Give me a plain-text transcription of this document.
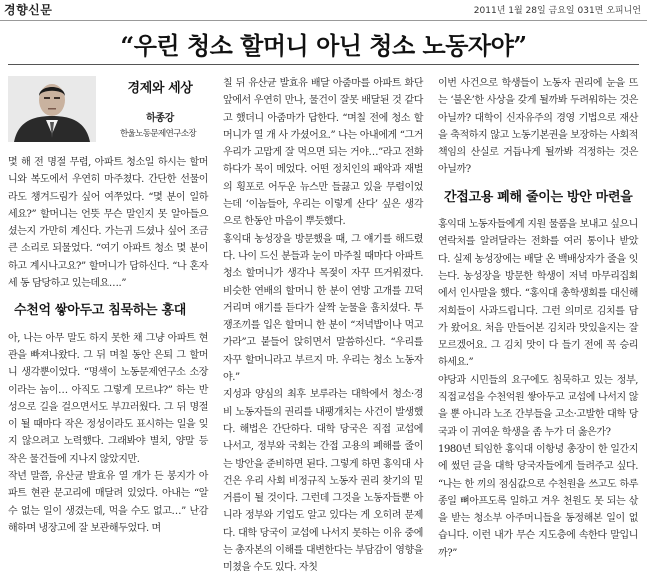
경향신문	2011년 1월 28일 금요일 031면 오피니언
“우린 청소 할머니 아닌 청소 노동자야”
경제와 세상
하종강
한울노동문제연구소장

몇 해 전 명절 무렵, 아파트 청소일 하시는 할머니와 복도에서 우연히 마주쳤다. 간단한 선물이라도 챙겨드림가 싶어 여쭈었다. “몇 분이 일하세요?” 할머니는 언뜻 무슨 말인지 못 알아들으셨는지 가만히 계신다. 가는귀 드셨나 싶어 조금 큰 소리로 되물었다. “여기 아파트 청소 몇 분이 하고 계시나고요?” 할머니가 답하신다. “나 혼자 세 동 담당하고 있는데요….”

수천억 쌓아두고 침묵하는 홍대

아, 나는 아무 말도 하지 못한 채 그냥 아파트 현관을 빠져나왔다. 그 뒤 며칠 동안 은퇴 그 할머니 생각뿐이었다. “명색이 노동문제연구소 소장이라는 놈이… 아직도 그렇게 모르냐?” 하는 반성으로 길을 걸으면서도 부끄러웠다. 그 뒤 명절이 될 때마다 작은 정성이라도 표시하는 일을 잊지 않으려고 노력했다. 그래봐야 별치, 양말 등 작은 물건들에 지나지 않았지만.

작년 말쯤, 유산균 발효유 열 개가 든 봉지가 아파트 현관 문고리에 매달려 있었다. 아내는 “알 수 없는 일이 생겼는데, 먹을 수도 없고…” 난감해하며 냉장고에 잘 보관해두었다. 며

칠 뒤 유산균 발효유 배달 아줌마를 아파트 화단 앞에서 우연히 만나, 물건이 잘못 배달된 것 같다고 했더니 아줌마가 답한다. “며칠 전에 청소 할머니가 열 개 사 가셨어요.” 나는 아내에게 “그거 우리가 고맙게 잘 먹으면 되는 거야…”라고 전화하다가 목이 메었다. 어떤 정치인의 패악과 재벌의 횡포로 어두운 뉴스만 들끓고 있을 무렵이었는데 ‘이놈들아, 우리는 이렇게 산다’ 싶은 생각으로 한동안 마음이 뿌듯했다.

홍익대 농성장을 방문했을 때, 그 얘기를 해드렸다. 나이 드신 분들과 눈이 마주칠 때마다 아파트 청소 할머니가 생각나 목젖이 자꾸 뜨거워졌다. 비슷한 연배의 할머니 한 분이 연방 고개를 끄덕거리며 얘기를 듣다가 살짝 눈물을 훔치셨다. 투쟁조끼를 입은 할머니 한 분이 “저녁밥이나 먹고 가라”고 붙들어 앉히면서 말씀하신다. “우리를 자꾸 할머니라고 부르지 마. 우리는 청소 노동자야.”

지성과 양심의 최후 보루라는 대학에서 청소·경비 노동자들의 권리를 내팽개치는 사건이 발생했다. 해법은 간단하다. 대학 당국은 직접 교섭에 나서고, 정부와 국회는 간접 고용의 폐해를 줄이는 방안을 준비하면 된다. 그렇게 하면 홍익대 사건은 우리 사회 비정규직 노동자 권리 찾기의 밑거름이 될 것이다. 그런데 그것을 노동자들뿐 아니라 정부와 기업도 알고 있다는 게 오히려 문제다. 대학 당국이 교섭에 나서지 못하는 이유 중에는 총자본의 이해를 대변한다는 부담감이 영향을 미쳤을 수도 있다. 자칫

이번 사건으로 학생들이 노동자 권리에 눈을 뜨는 ‘불온’한 사상을 갖게 될까봐 두려워하는 것은 아닐까? 대학이 신자유주의 경영 기법으로 재산을 축적하지 않고 노동기본권을 보장하는 사회적 책임의 산실로 거듭나게 될까봐 걱정하는 것은 아닐까?

간접고용 폐해 줄이는 방안 마련을

홍익대 노동자들에게 지원 물품을 보내고 싶으니 연락처를 알려달라는 전화를 여러 통이나 받았다. 실제 농성장에는 배달 온 백배상자가 줄을 잇는다. 농성장을 방문한 학생이 저녁 마무리집회에서 인사말을 했다. “홍익대 총학생회를 대신해 저희들이 사과드립니다. 그런 의미로 김치를 담가 왔어요. 처음 만들어본 김치라 맛있을지는 잘 모르겠어요. 그 김치 맛이 다 들기 전에 꼭 승리하세요.”

야당과 시민들의 요구에도 침묵하고 있는 정부, 직접교섭을 수천억원 쌓아두고 교섭에 나서지 않을 뿐 아니라 노조 간부들을 고소·고발한 대학 당국과 이 귀여운 학생을 좀 누가 더 옳은가?

1980년 퇴임한 홍익대 이항녕 총장이 한 일간지에 썼던 글을 대학 당국자들에게 들려주고 싶다. “나는 한 끼의 점심값으로 수천원을 쓰고도 하루 종일 뼈아프도록 일하고 겨우 천원도 못 되는 삯을 받는 청소부 아주머니들을 동정해본 일이 없습니다. 이런 내가 무슨 지도층에 속한다 말입니까?”
